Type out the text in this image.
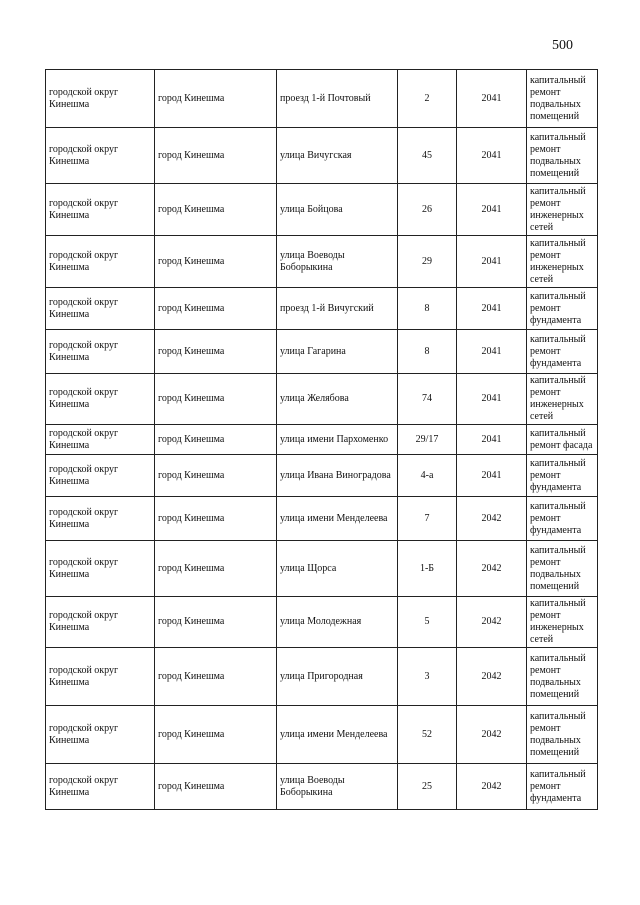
500
городской округ Кинешма	город Кинешма	проезд 1-й Почтовый	2	2041	капитальный ремонт подвальных помещений
городской округ Кинешма	город Кинешма	улица Вичугская	45	2041	капитальный ремонт подвальных помещений
городской округ Кинешма	город Кинешма	улица Бойцова	26	2041	капитальный ремонт инженерных сетей
городской округ Кинешма	город Кинешма	улица Воеводы Боборыкина	29	2041	капитальный ремонт инженерных сетей
городской округ Кинешма	город Кинешма	проезд 1-й Вичугский	8	2041	капитальный ремонт фундамента
городской округ Кинешма	город Кинешма	улица Гагарина	8	2041	капитальный ремонт фундамента
городской округ Кинешма	город Кинешма	улица Желябова	74	2041	капитальный ремонт инженерных сетей
городской округ Кинешма	город Кинешма	улица имени Пархоменко	29/17	2041	капитальный ремонт фасада
городской округ Кинешма	город Кинешма	улица Ивана Виноградова	4-а	2041	капитальный ремонт фундамента
городской округ Кинешма	город Кинешма	улица имени Менделеева	7	2042	капитальный ремонт фундамента
городской округ Кинешма	город Кинешма	улица Щорса	1-Б	2042	капитальный ремонт подвальных помещений
городской округ Кинешма	город Кинешма	улица Молодежная	5	2042	капитальный ремонт инженерных сетей
городской округ Кинешма	город Кинешма	улица Пригородная	3	2042	капитальный ремонт подвальных помещений
городской округ Кинешма	город Кинешма	улица имени Менделеева	52	2042	капитальный ремонт подвальных помещений
городской округ Кинешма	город Кинешма	улица Воеводы Боборыкина	25	2042	капитальный ремонт фундамента
